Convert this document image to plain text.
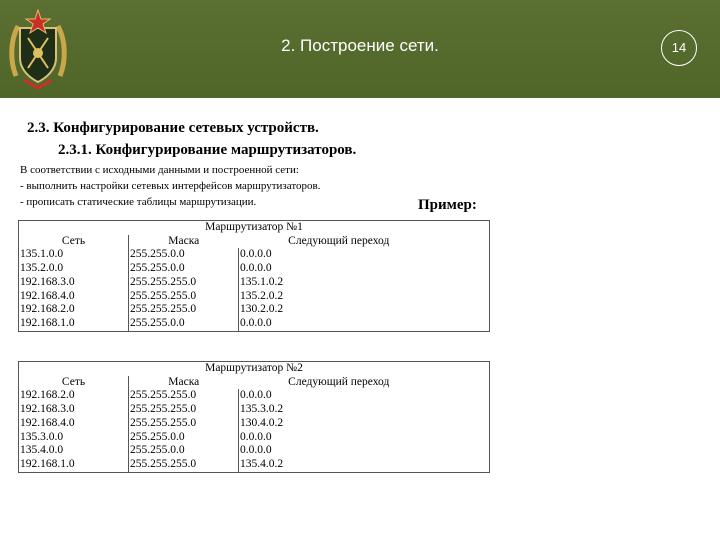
2. Построение сети.	14
2.3. Конфигурирование сетевых устройств.
2.3.1. Конфигурирование маршрутизаторов.
В соответствии с исходными данными и построенной сети:
- выполнить настройки сетевых интерфейсов маршрутизаторов.
- прописать статические таблицы маршрутизации.	Пример:
Маршрутизатор №1		
Сеть	Маска	Следующий переход
135.1.0.0	255.255.0.0	0.0.0.0
135.2.0.0	255.255.0.0	0.0.0.0
192.168.3.0	255.255.255.0	135.1.0.2
192.168.4.0	255.255.255.0	135.2.0.2
192.168.2.0	255.255.255.0	130.2.0.2
192.168.1.0	255.255.0.0	0.0.0.0
Маршрутизатор №2		
Сеть	Маска	Следующий переход
192.168.2.0	255.255.255.0	0.0.0.0
192.168.3.0	255.255.255.0	135.3.0.2
192.168.4.0	255.255.255.0	130.4.0.2
135.3.0.0	255.255.0.0	0.0.0.0
135.4.0.0	255.255.0.0	0.0.0.0
192.168.1.0	255.255.255.0	135.4.0.2
